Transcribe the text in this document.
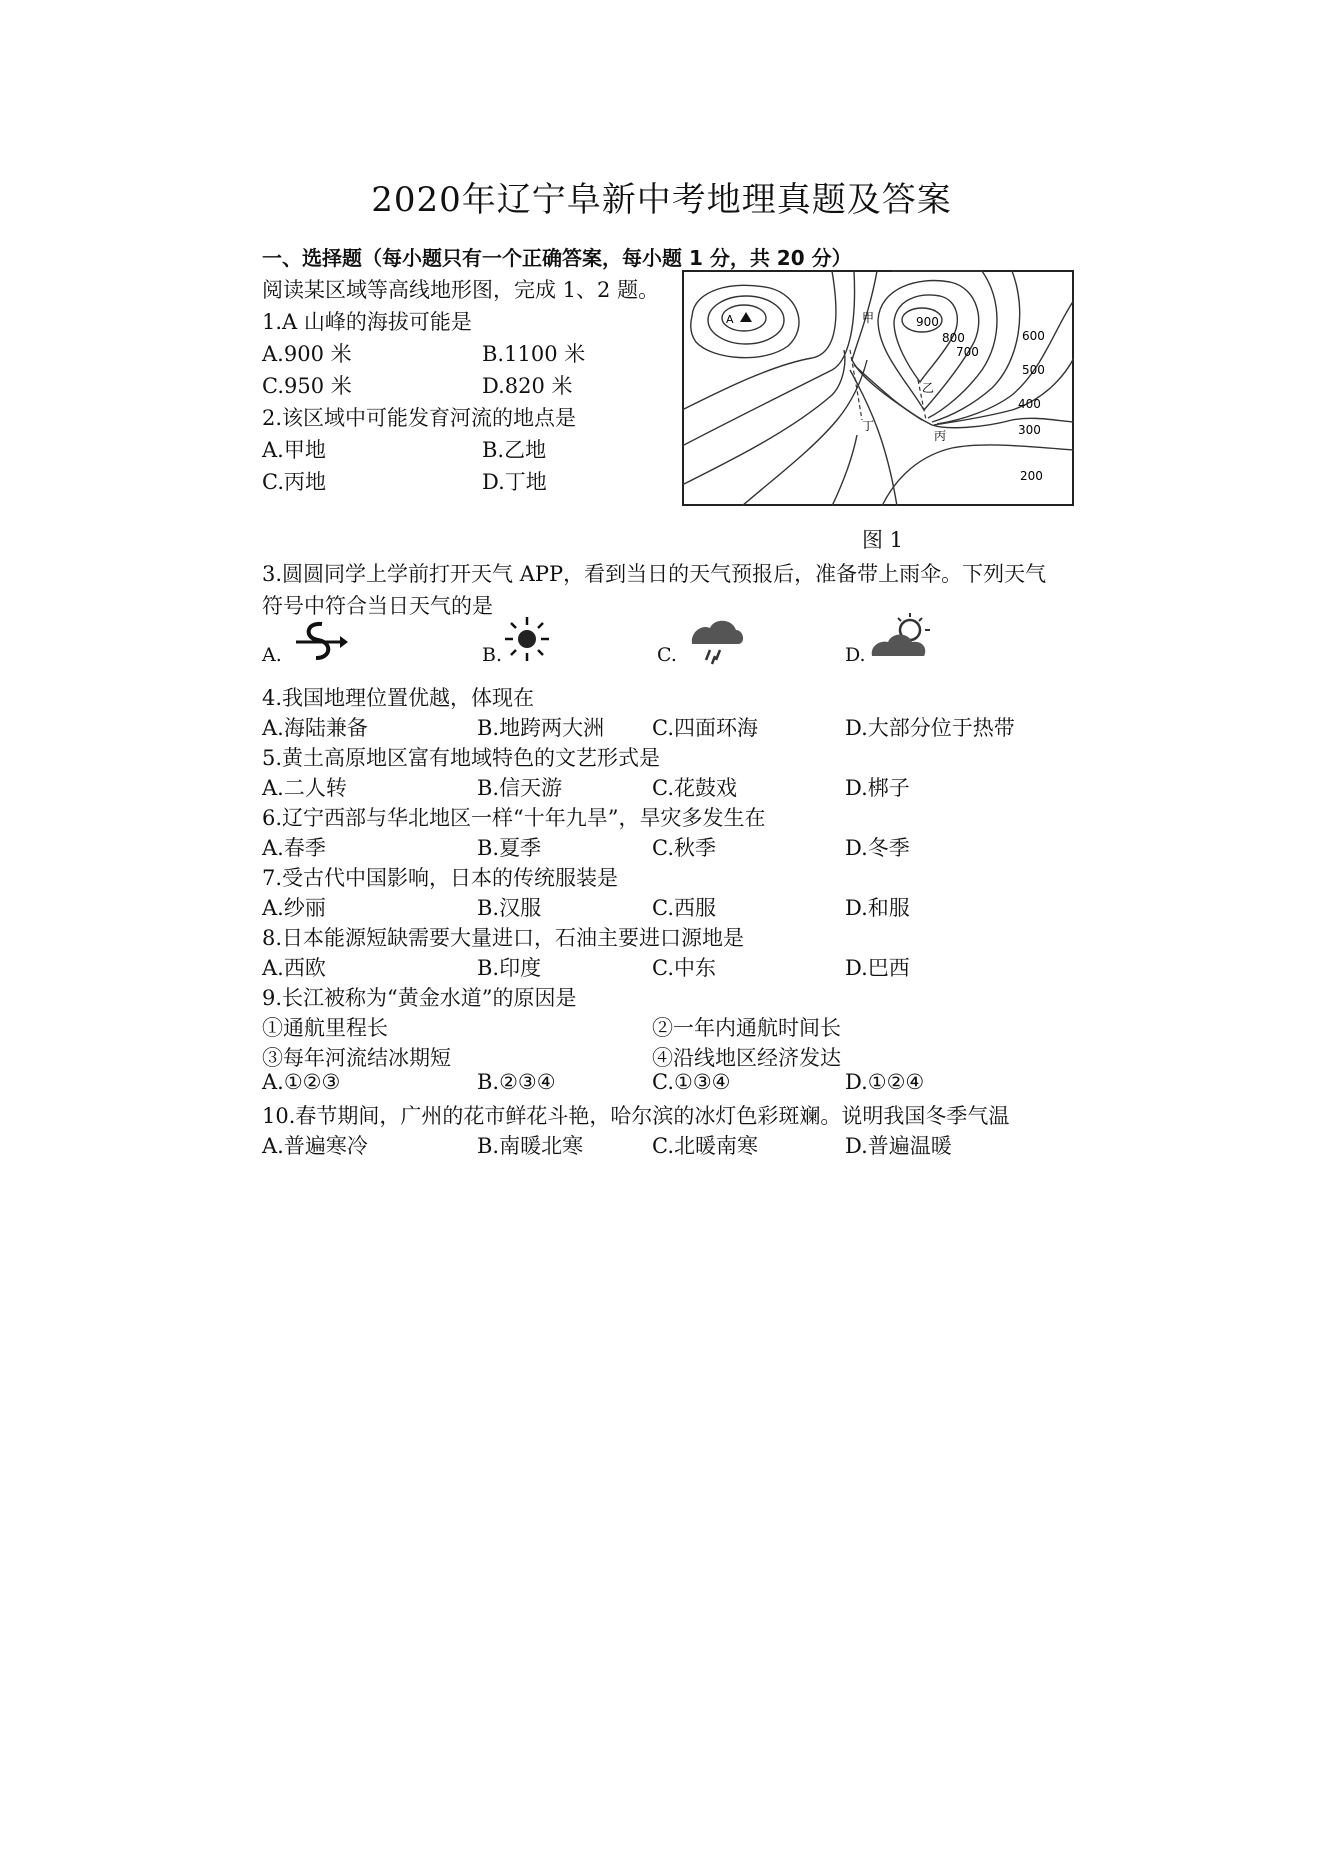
2020年辽宁阜新中考地理真题及答案
一、选择题（每小题只有一个正确答案，每小题 1 分，共 20 分）
阅读某区域等高线地形图，完成 1、2 题。
1.A 山峰的海拔可能是
A.900 米	B.1100 米
C.950 米	D.820 米
2.该区域中可能发育河流的地点是
A.甲地	B.乙地
C.丙地	D.丁地
A	900
800
700
600
500
400
300
200
甲
乙
丙
丁
图 1
3.圆圆同学上学前打开天气 APP，看到当日的天气预报后，准备带上雨伞。下列天气
符号中符合当日天气的是
A.	B.	C.	D.
4.我国地理位置优越，体现在
A.海陆兼备	B.地跨两大洲 C.四面环海	D.大部分位于热带
5.黄土高原地区富有地域特色的文艺形式是
A.二人转	B.信天游	C.花鼓戏	D.梆子
6.辽宁西部与华北地区一样“十年九旱”，旱灾多发生在
A.春季	B.夏季	C.秋季	D.冬季
7.受古代中国影响，日本的传统服装是
A.纱丽	B.汉服	C.西服	D.和服
8.日本能源短缺需要大量进口，石油主要进口源地是
A.西欧	B.印度	C.中东	D.巴西
9.长江被称为“黄金水道”的原因是
①通航里程长	②一年内通航时间长
③每年河流结冰期短	④沿线地区经济发达
A.①②③	B.②③④	C.①③④	D.①②④
10.春节期间，广州的花市鲜花斗艳，哈尔滨的冰灯色彩斑斓。说明我国冬季气温
A.普遍寒冷	B.南暖北寒	C.北暖南寒	D.普遍温暖
